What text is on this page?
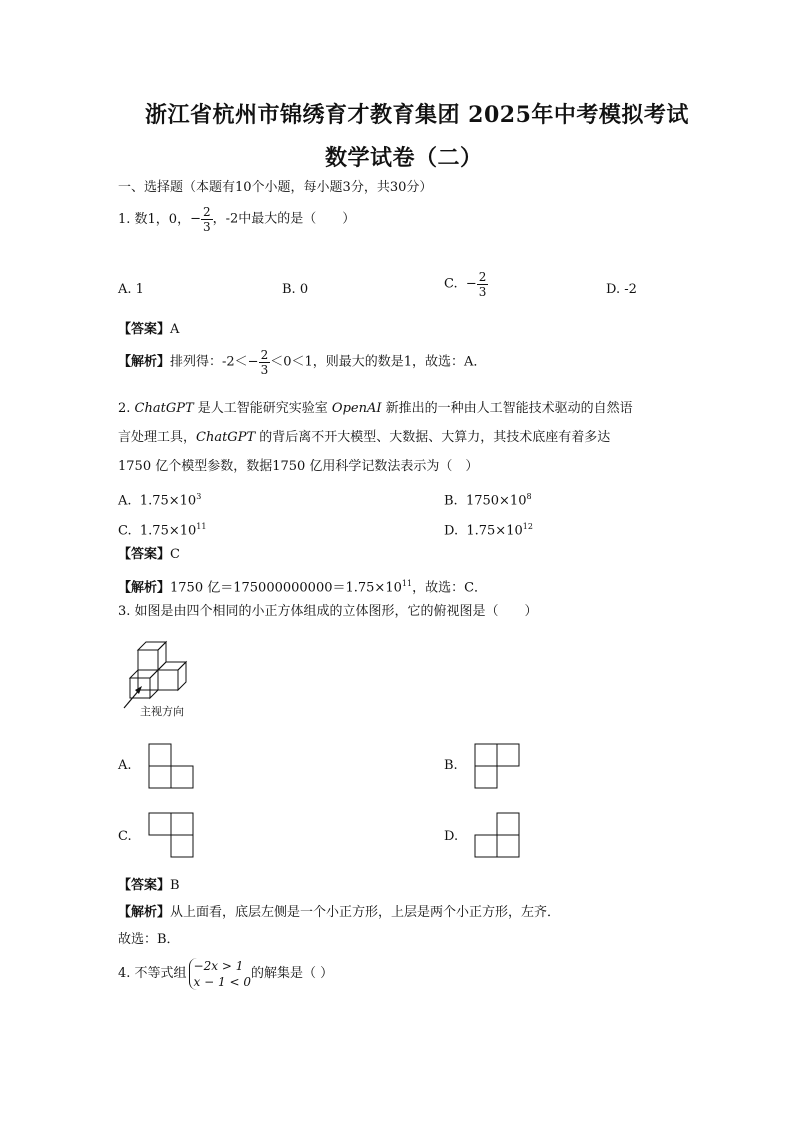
浙江省杭州市锦绣育才教育集团 2025年中考模拟考试
数学试卷（二）
一、选择题（本题有10个小题，每小题3分，共30分）
1. 数1，0，− $\frac{2}{3}$ ，-2中最大的是（　　）
A. 1	B. 0	C. − $\frac{2}{3}$	D. -2
【答案】A
【解析】排列得：$-2<- \frac{2}{3} <0<1$，则最大的数是1，故选：A．
2. ChatGPT 是人工智能研究实验室 OpenAI 新推出的一种由人工智能技术驱动的自然语
言处理工具，ChatGPT 的背后离不开大模型、大数据、大算力，其技术底座有着多达
1750 亿个模型参数，数据1750 亿用科学记数法表示为（　）
A. $1.75\times 10^3$	B. $1750\times 10^8$
C. $1.75\times 10^{11}$	D. $1.75\times 10^{12}$
【答案】C
【解析】1750 亿$=175000000000=1.75\times 10^{11}$，故选：C．
3. 如图是由四个相同的小正方体组成的立体图形，它的俯视图是（　　）
主视方向
A.	B.
C.	D.
【答案】B
【解析】从上面看，底层左侧是一个小正方形，上层是两个小正方形，左齐．
故选：B．
4. 不等式组 −2x > 1
x − 1 < 0
的解集是（ ）
